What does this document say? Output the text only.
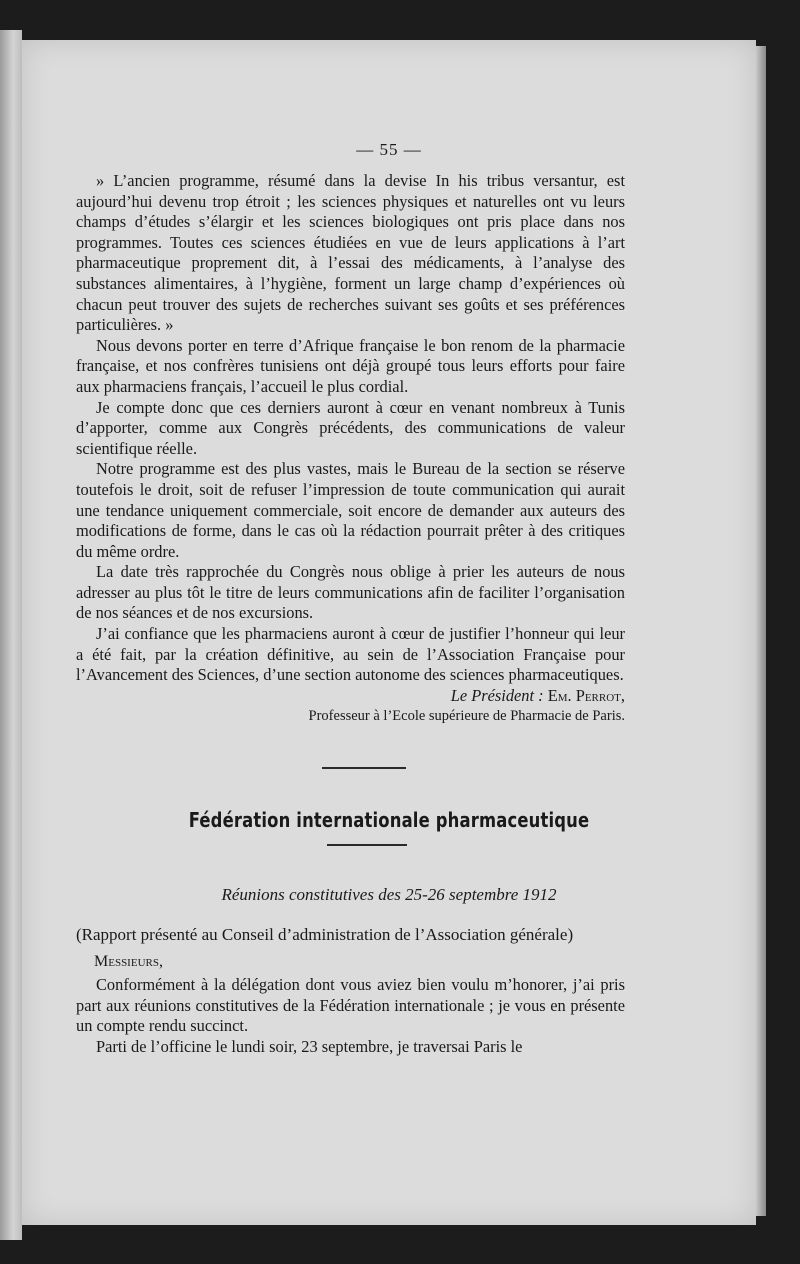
— 55 —

» L’ancien programme, résumé dans la devise In his tribus versantur, est aujourd’hui devenu trop étroit ; les sciences physiques et naturelles ont vu leurs champs d’études s’élargir et les sciences biologiques ont pris place dans nos programmes. Toutes ces sciences étudiées en vue de leurs applications à l’art pharmaceutique proprement dit, à l’essai des médicaments, à l’analyse des substances alimentaires, à l’hygiène, forment un large champ d’expériences où chacun peut trouver des sujets de recherches suivant ses goûts et ses préférences particulières. »

Nous devons porter en terre d’Afrique française le bon renom de la pharmacie française, et nos confrères tunisiens ont déjà groupé tous leurs efforts pour faire aux pharmaciens français, l’accueil le plus cordial.

Je compte donc que ces derniers auront à cœur en venant nombreux à Tunis d’apporter, comme aux Congrès précédents, des communications de valeur scientifique réelle.

Notre programme est des plus vastes, mais le Bureau de la section se réserve toutefois le droit, soit de refuser l’impression de toute communication qui aurait une tendance uniquement commerciale, soit encore de demander aux auteurs des modifications de forme, dans le cas où la rédaction pourrait prêter à des critiques du même ordre.

La date très rapprochée du Congrès nous oblige à prier les auteurs de nous adresser au plus tôt le titre de leurs communications afin de faciliter l’organisation de nos séances et de nos excursions.

J’ai confiance que les pharmaciens auront à cœur de justifier l’honneur qui leur a été fait, par la création définitive, au sein de l’Association Française pour l’Avancement des Sciences, d’une section autonome des sciences pharmaceutiques.

Le Président : Em. Perrot,
Professeur à l’Ecole supérieure de Pharmacie de Paris.
Fédération internationale pharmaceutique
Réunions constitutives des 25-26 septembre 1912
(Rapport présenté au Conseil d’administration de l’Association générale)
Messieurs,

Conformément à la délégation dont vous aviez bien voulu m’honorer, j’ai pris part aux réunions constitutives de la Fédération internationale ; je vous en présente un compte rendu succinct.

Parti de l’officine le lundi soir, 23 septembre, je traversai Paris le
